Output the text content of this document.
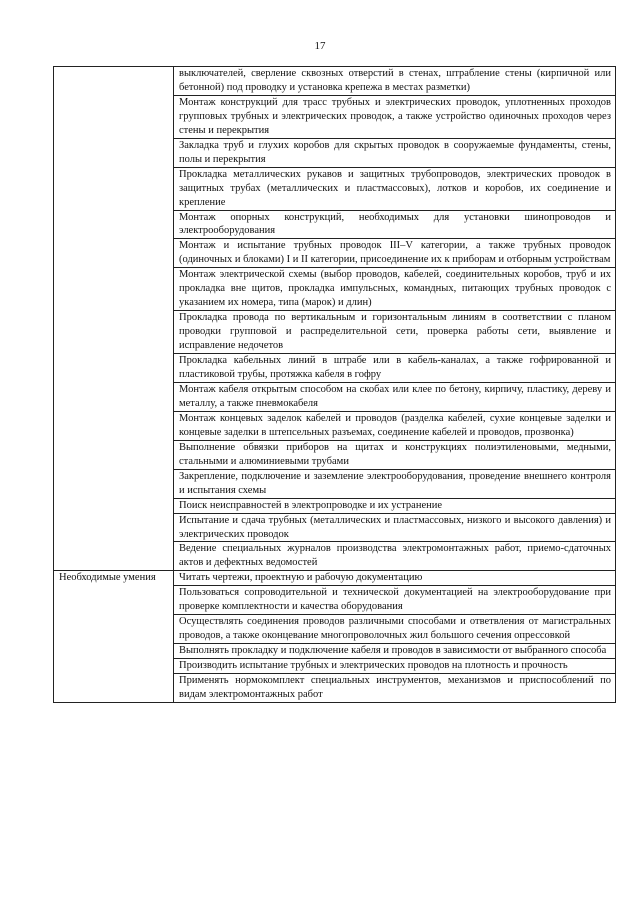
17
	выключателей, сверление сквозных отверстий в стенах, штрабление стены (кирпичной или бетонной) под проводку и установка крепежа в местах разметки)
	Монтаж конструкций для трасс трубных и электрических проводок, уплотненных проходов групповых трубных и электрических проводок, а также устройство одиночных проходов через стены и перекрытия
	Закладка труб и глухих коробов для скрытых проводок в сооружаемые фундаменты, стены, полы и перекрытия
	Прокладка металлических рукавов и защитных трубопроводов, электрических проводок в защитных трубах (металлических и пластмассовых), лотков и коробов, их соединение и крепление
	Монтаж опорных конструкций, необходимых для установки шинопроводов и электрооборудования
	Монтаж и испытание трубных проводок III–V категории, а также трубных проводок (одиночных и блоками) I и II категории, присоединение их к приборам и отборным устройствам
	Монтаж электрической схемы (выбор проводов, кабелей, соединительных коробов, труб и их прокладка вне щитов, прокладка импульсных, командных, питающих трубных проводок с указанием их номера, типа (марок) и длин)
	Прокладка провода по вертикальным и горизонтальным линиям в соответствии с планом проводки групповой и распределительной сети, проверка работы сети, выявление и исправление недочетов
	Прокладка кабельных линий в штрабе или в кабель-каналах, а также гофрированной и пластиковой трубы, протяжка кабеля в гофру
	Монтаж кабеля открытым способом на скобах или клее по бетону, кирпичу, пластику, дереву и металлу, а также пневмокабеля
	Монтаж концевых заделок кабелей и проводов (разделка кабелей, сухие концевые заделки и концевые заделки в штепсельных разъемах, соединение кабелей и проводов, прозвонка)
	Выполнение обвязки приборов на щитах и конструкциях полиэтиленовыми, медными, стальными и алюминиевыми трубами
	Закрепление, подключение и заземление электрооборудования, проведение внешнего контроля и испытания схемы
	Поиск неисправностей в электропроводке и их устранение
	Испытание и сдача трубных (металлических и пластмассовых, низкого и высокого давления) и электрических проводок
	Ведение специальных журналов производства электромонтажных работ, приемо-сдаточных актов и дефектных ведомостей
Необходимые умения	Читать чертежи, проектную и рабочую документацию
	Пользоваться сопроводительной и технической документацией на электрооборудование при проверке комплектности и качества оборудования
	Осуществлять соединения проводов различными способами и ответвления от магистральных проводов, а также оконцевание многопроволочных жил большого сечения опрессовкой
	Выполнять прокладку и подключение кабеля и проводов в зависимости от выбранного способа
	Производить испытание трубных и электрических проводов на плотность и прочность
	Применять нормокомплект специальных инструментов, механизмов и приспособлений по видам электромонтажных работ
